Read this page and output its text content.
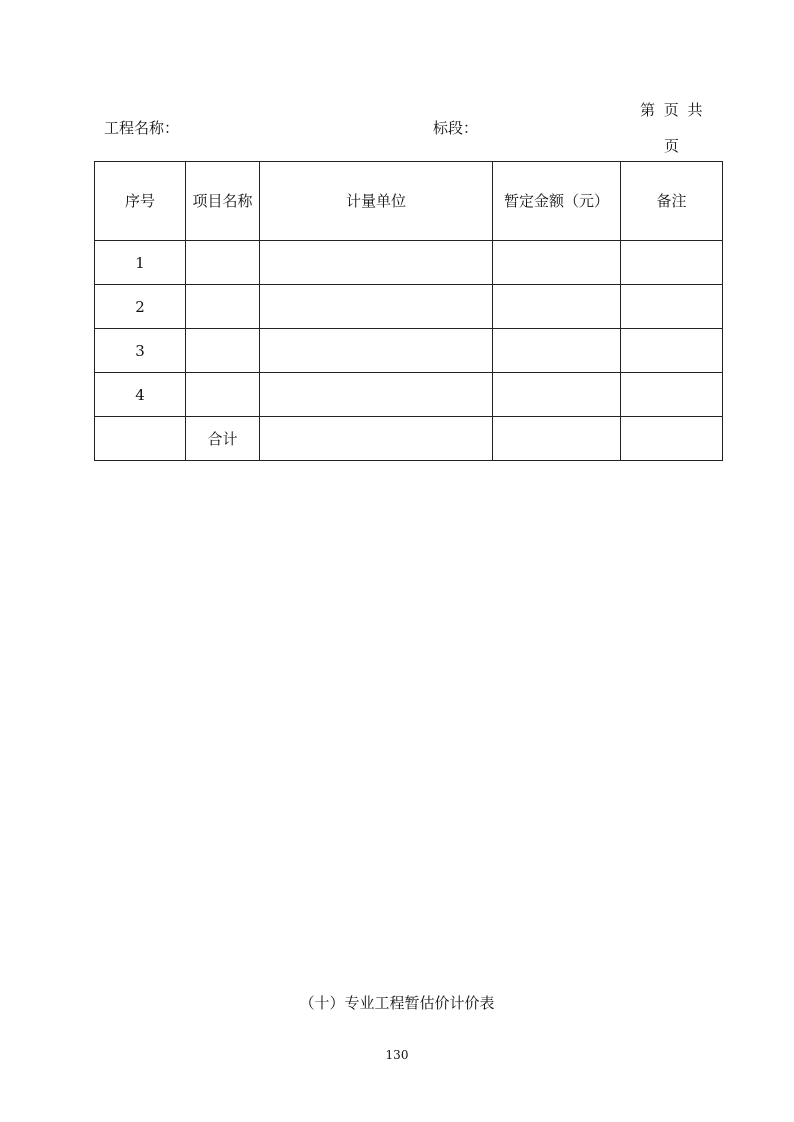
工程名称：	标段：
第 页 共
页
序号	项目名称	计量单位	暂定金额（元）	备注
1				
2				
3				
4				
	合计			
（十）专业工程暂估价计价表
130
